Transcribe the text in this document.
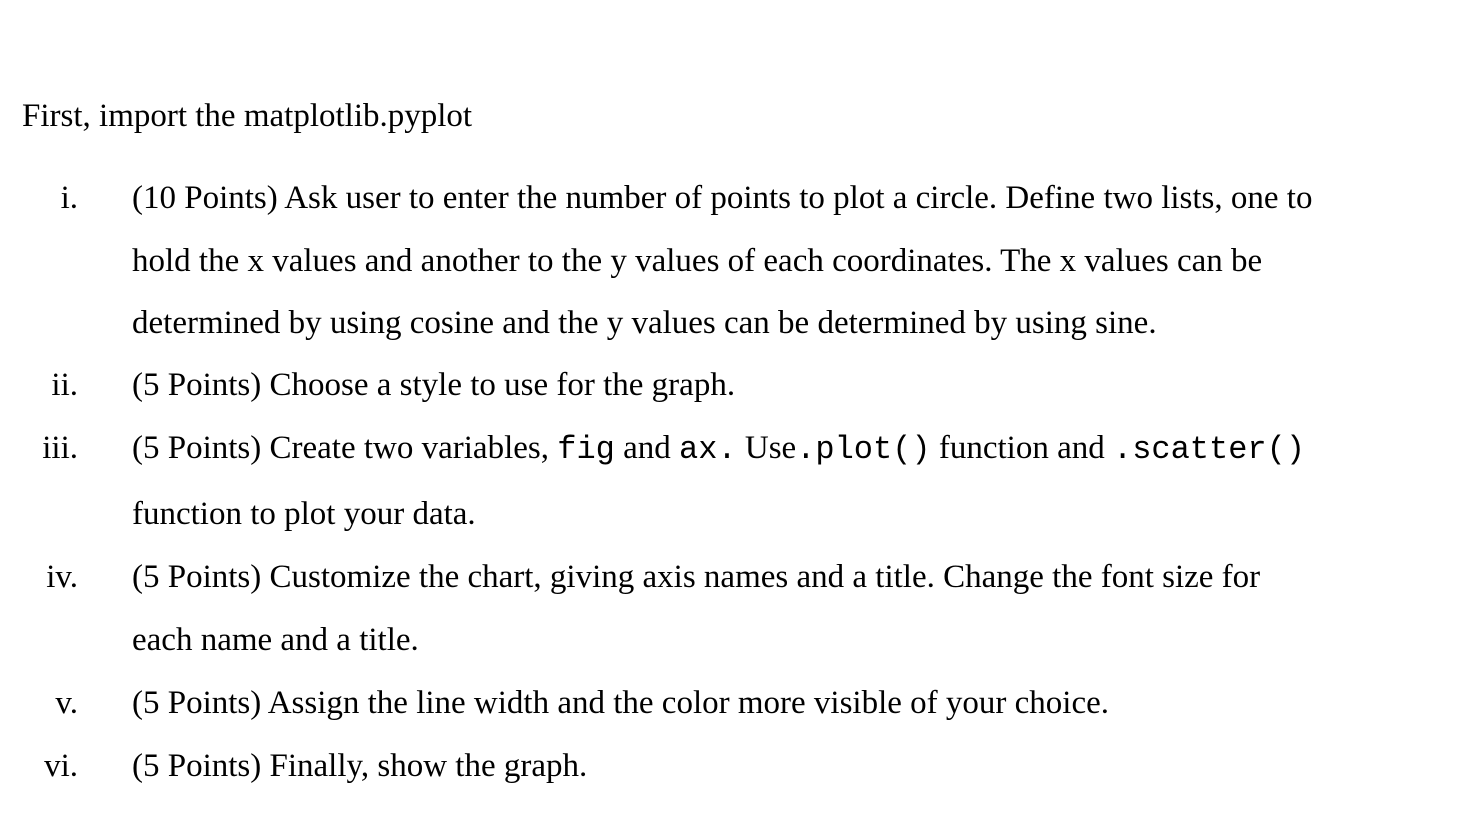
First, import the matplotlib.pyplot
i. (10 Points) Ask user to enter the number of points to plot a circle. Define two lists, one to
hold the x values and another to the y values of each coordinates. The x values can be
determined by using cosine and the y values can be determined by using sine.
ii. (5 Points) Choose a style to use for the graph.
iii. (5 Points) Create two variables, fig and ax. Use.plot() function and .scatter()
function to plot your data.
iv. (5 Points) Customize the chart, giving axis names and a title. Change the font size for
each name and a title.
v. (5 Points) Assign the line width and the color more visible of your choice.
vi. (5 Points) Finally, show the graph.
